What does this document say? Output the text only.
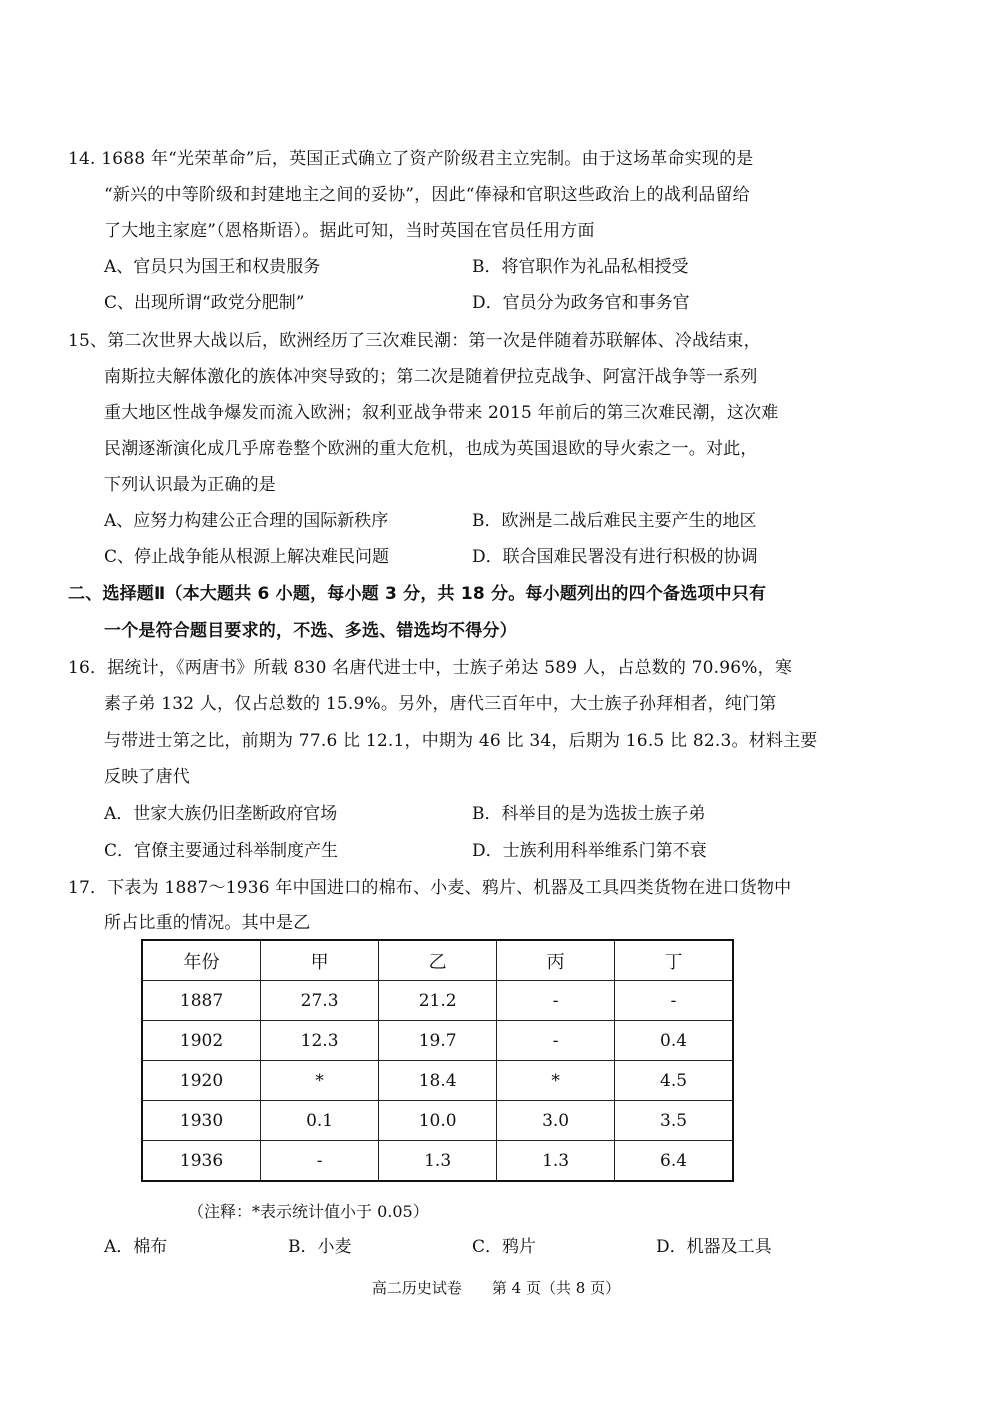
14. 1688 年“光荣革命”后，英国正式确立了资产阶级君主立宪制。由于这场革命实现的是
“新兴的中等阶级和封建地主之间的妥协”，因此“俸禄和官职这些政治上的战利品留给
了大地主家庭”（恩格斯语）。据此可知，当时英国在官员任用方面
A、官员只为国王和权贵服务	B．将官职作为礼品私相授受
C、出现所谓“政党分肥制”	D．官员分为政务官和事务官
15、第二次世界大战以后，欧洲经历了三次难民潮：第一次是伴随着苏联解体、冷战结束，
南斯拉夫解体激化的族体冲突导致的；第二次是随着伊拉克战争、阿富汗战争等一系列
重大地区性战争爆发而流入欧洲；叙利亚战争带来 2015 年前后的第三次难民潮，这次难
民潮逐渐演化成几乎席卷整个欧洲的重大危机，也成为英国退欧的导火索之一。对此，
下列认识最为正确的是
A、应努力构建公正合理的国际新秩序	B．欧洲是二战后难民主要产生的地区
C、停止战争能从根源上解决难民问题	D．联合国难民署没有进行积极的协调
二、选择题Ⅱ（本大题共 6 小题，每小题 3 分，共 18 分。每小题列出的四个备选项中只有
一个是符合题目要求的，不选、多选、错选均不得分）
16．据统计，《两唐书》所载 830 名唐代进士中，士族子弟达 589 人，占总数的 70.96%，寒
素子弟 132 人，仅占总数的 15.9%。另外，唐代三百年中，大士族子孙拜相者，纯门第
与带进士第之比，前期为 77.6 比 12.1，中期为 46 比 34，后期为 16.5 比 82.3。材料主要
反映了唐代
A．世家大族仍旧垄断政府官场	B．科举目的是为选拔士族子弟
C．官僚主要通过科举制度产生	D．士族利用科举维系门第不衰
17．下表为 1887～1936 年中国进口的棉布、小麦、鸦片、机器及工具四类货物在进口货物中
所占比重的情况。其中是乙
年份	甲	乙	丙	丁
1887	27.3	21.2	-	-
1902	12.3	19.7	-	0.4
1920	*	18.4	*	4.5
1930	0.1	10.0	3.0	3.5
1936	-	1.3	1.3	6.4
（注释：*表示统计值小于 0.05）
A．棉布	B．小麦	C．鸦片	D．机器及工具
高二历史试卷　　第 4 页（共 8 页）
